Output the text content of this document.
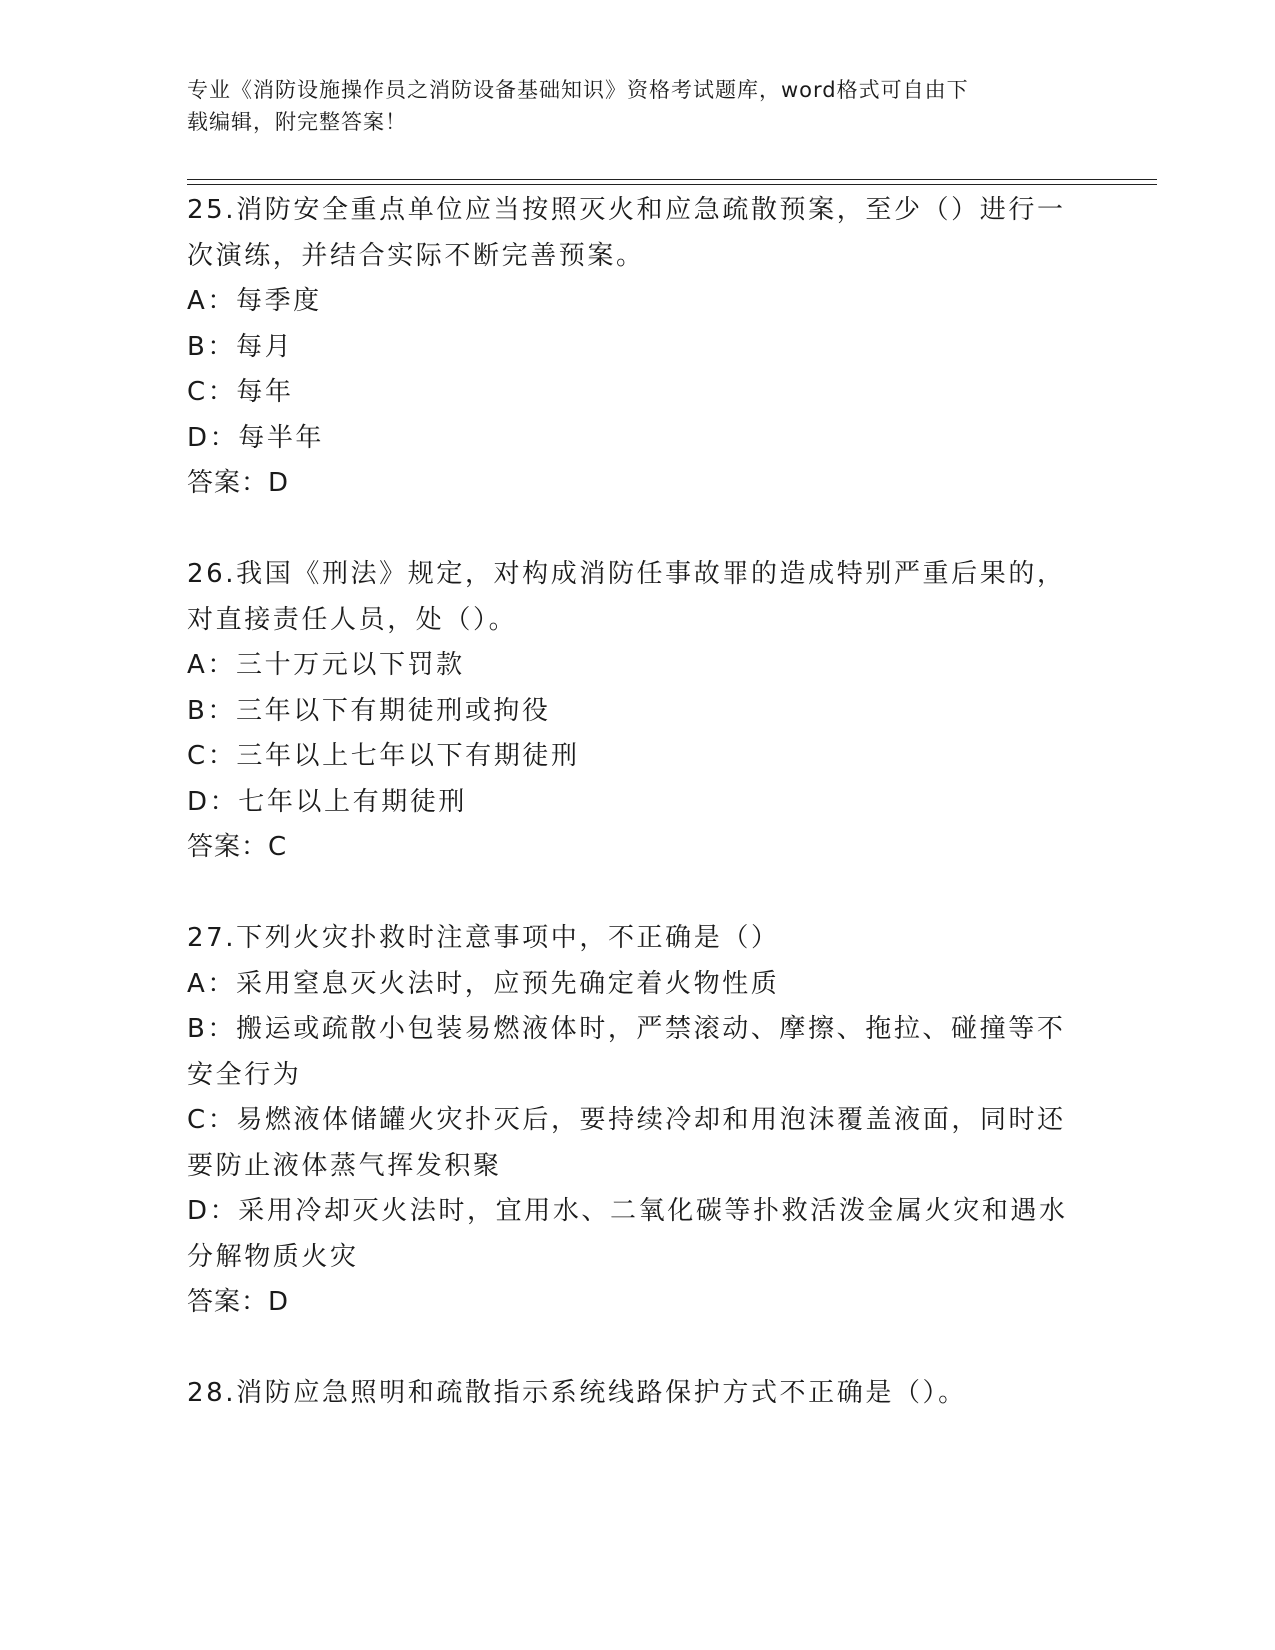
专业《消防设施操作员之消防设备基础知识》资格考试题库，word格式可自由下
载编辑，附完整答案！
25.消防安全重点单位应当按照灭火和应急疏散预案，至少（）进行一
次演练，并结合实际不断完善预案。
A：每季度
B：每月
C：每年
D：每半年
答案：D
26.我国《刑法》规定，对构成消防任事故罪的造成特别严重后果的，
对直接责任人员，处（）。
A：三十万元以下罚款
B：三年以下有期徒刑或拘役
C：三年以上七年以下有期徒刑
D：七年以上有期徒刑
答案：C
27.下列火灾扑救时注意事项中，不正确是（）
A：采用窒息灭火法时，应预先确定着火物性质
B：搬运或疏散小包装易燃液体时，严禁滚动、摩擦、拖拉、碰撞等不
安全行为
C：易燃液体储罐火灾扑灭后，要持续冷却和用泡沫覆盖液面，同时还
要防止液体蒸气挥发积聚
D：采用冷却灭火法时，宜用水、二氧化碳等扑救活泼金属火灾和遇水
分解物质火灾
答案：D
28.消防应急照明和疏散指示系统线路保护方式不正确是（）。
